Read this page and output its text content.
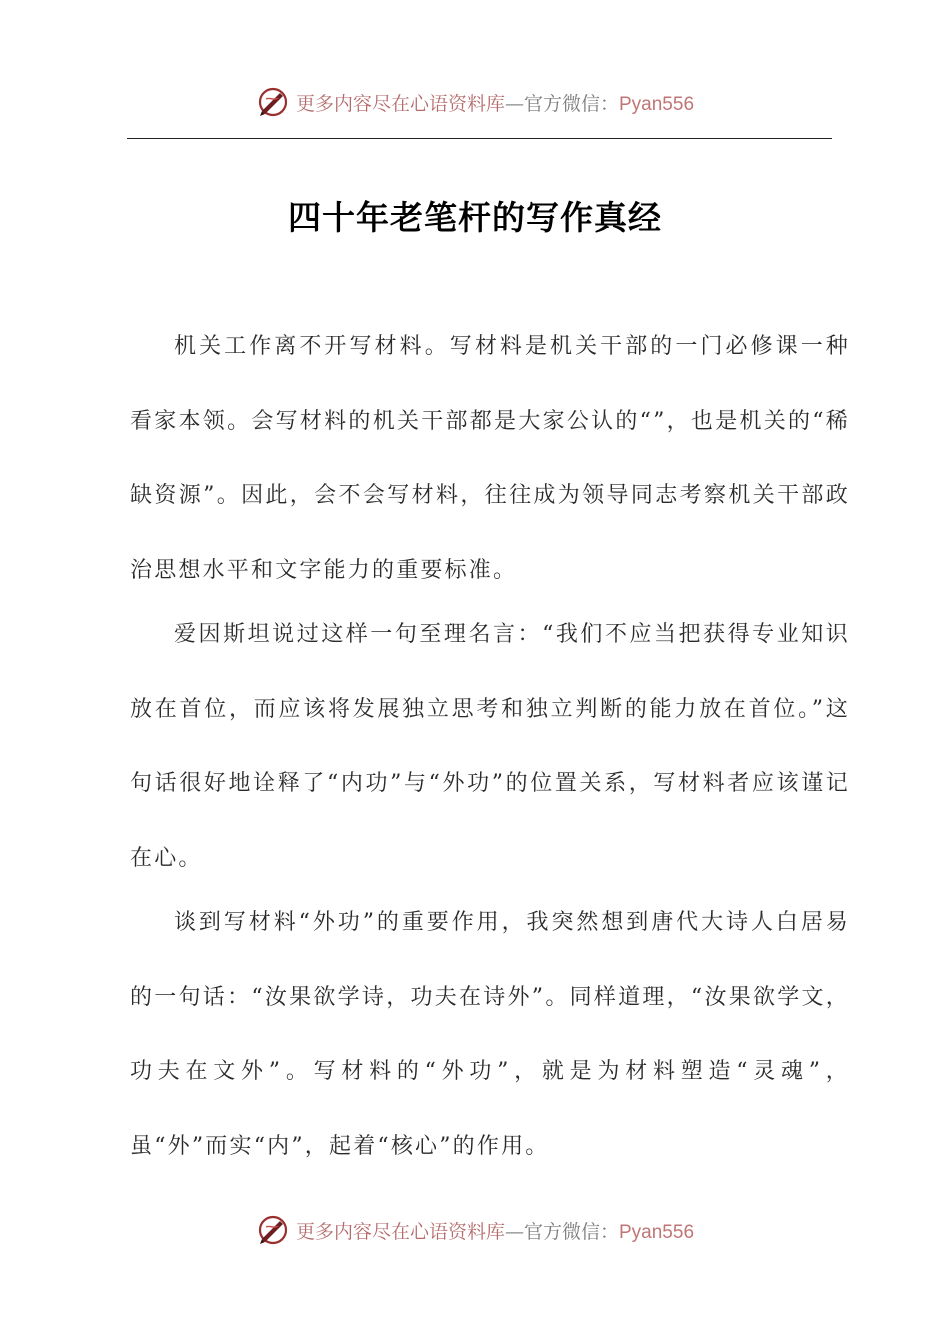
更多内容尽在心语资料库—官方微信：Pyan556
四十年老笔杆的写作真经

机关工作离不开写材料。写材料是机关干部的一门必修课一种看家本领。会写材料的机关干部都是大家公认的“”，也是机关的“稀缺资源”。因此，会不会写材料，往往成为领导同志考察机关干部政治思想水平和文字能力的重要标准。

爱因斯坦说过这样一句至理名言：“我们不应当把获得专业知识放在首位，而应该将发展独立思考和独立判断的能力放在首位。”这句话很好地诠释了“内功”与“外功”的位置关系，写材料者应该谨记在心。

谈到写材料“外功”的重要作用，我突然想到唐代大诗人白居易的一句话：“汝果欲学诗，功夫在诗外”。同样道理，“汝果欲学文，功夫在文外”。写材料的“外功”，就是为材料塑造“灵魂”，虽“外”而实“内”，起着“核心”的作用。

更多内容尽在心语资料库—官方微信：Pyan556
